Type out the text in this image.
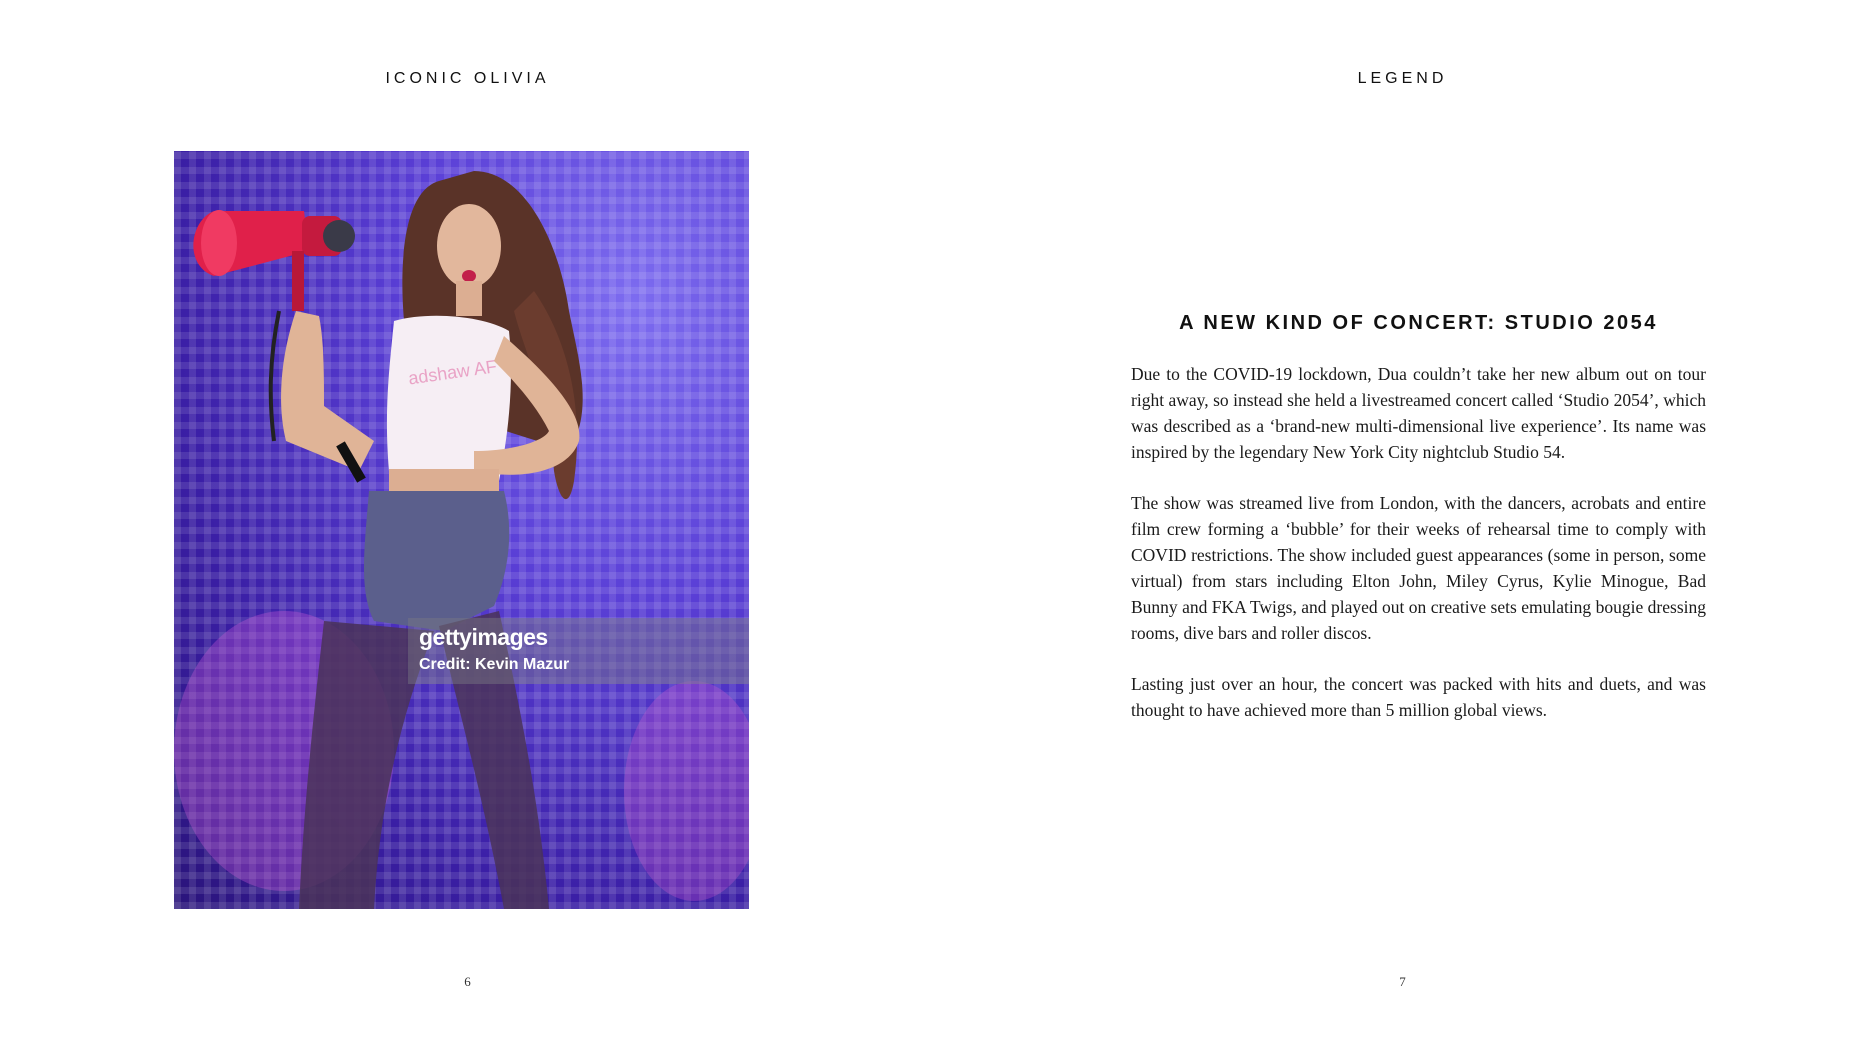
ICONIC OLIVIA
adshaw AF
gettyimages
Credit: Kevin Mazur
6
LEGEND
A NEW KIND OF CONCERT: STUDIO 2054

Due to the COVID-19 lockdown, Dua couldn’t take her new album out on tour right away, so instead she held a livestreamed concert called ‘Studio 2054’, which was described as a ‘brand-new multi-dimensional live experience’. Its name was inspired by the legendary New York City nightclub Studio 54.

The show was streamed live from London, with the dancers, acrobats and entire film crew forming a ‘bubble’ for their weeks of rehearsal time to comply with COVID restrictions. The show included guest appearances (some in person, some virtual) from stars including Elton John, Miley Cyrus, Kylie Minogue, Bad Bunny and FKA Twigs, and played out on creative sets emulating bougie dressing rooms, dive bars and roller discos.

Lasting just over an hour, the concert was packed with hits and duets, and was thought to have achieved more than 5 million global views.

7
